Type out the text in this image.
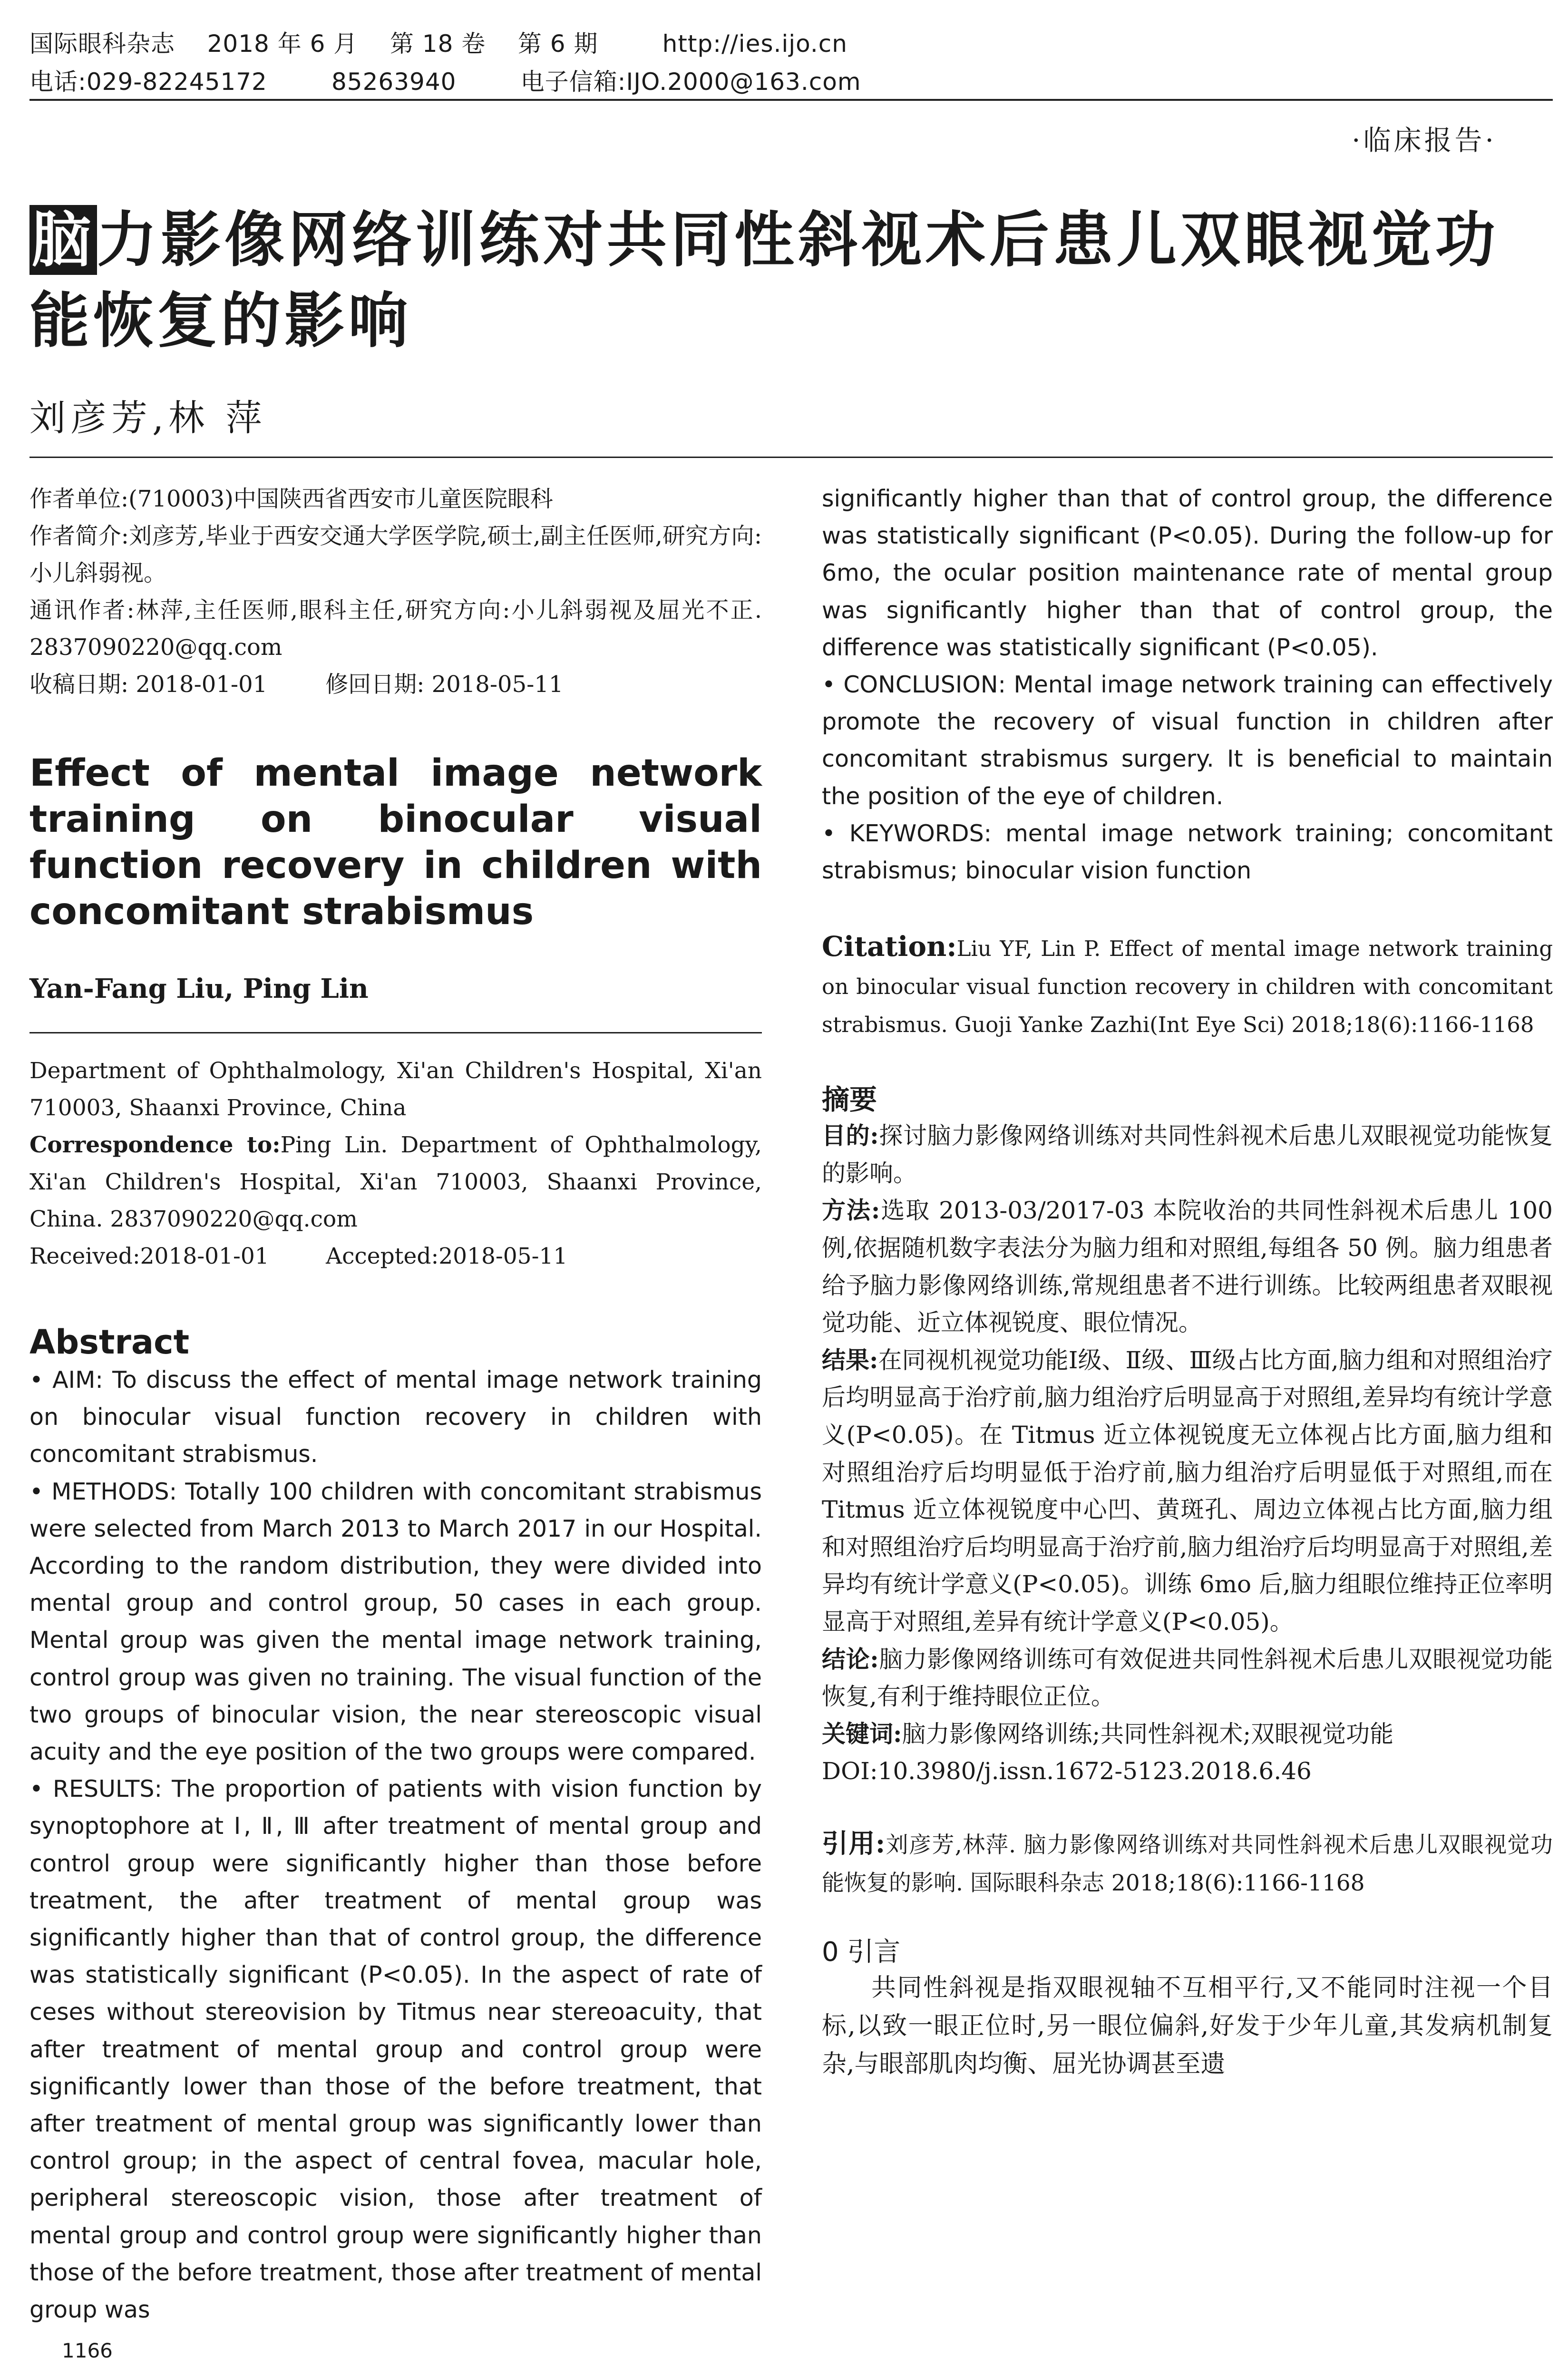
国际眼科杂志    2018 年 6 月    第 18 卷    第 6 期        http://ies.ijo.cn
电话:029-82245172        85263940        电子信箱:IJO.2000@163.com
·临床报告·
脑力影像网络训练对共同性斜视术后患儿双眼视觉功能恢复的影响
刘彦芳,林 萍

作者单位:(710003)中国陕西省西安市儿童医院眼科

作者简介:刘彦芳,毕业于西安交通大学医学院,硕士,副主任医师,研究方向:小儿斜弱视。

通讯作者:林萍,主任医师,眼科主任,研究方向:小儿斜弱视及屈光不正. 2837090220@qq.com

收稿日期: 2018-01-01        修回日期: 2018-05-11

Effect of mental image network training on binocular visual function recovery in children with concomitant strabismus
Yan-Fang Liu, Ping Lin

Department of Ophthalmology, Xi'an Children's Hospital, Xi'an 710003, Shaanxi Province, China

Correspondence to:Ping Lin. Department of Ophthalmology, Xi'an Children's Hospital, Xi'an 710003, Shaanxi Province, China. 2837090220@qq.com

Received:2018-01-01        Accepted:2018-05-11

Abstract

• AIM: To discuss the effect of mental image network training on binocular visual function recovery in children with concomitant strabismus.

• METHODS: Totally 100 children with concomitant strabismus were selected from March 2013 to March 2017 in our Hospital. According to the random distribution, they were divided into mental group and control group, 50 cases in each group. Mental group was given the mental image network training, control group was given no training. The visual function of the two groups of binocular vision, the near stereoscopic visual acuity and the eye position of the two groups were compared.

• RESULTS: The proportion of patients with vision function by synoptophore at Ⅰ, Ⅱ, Ⅲ after treatment of mental group and control group were significantly higher than those before treatment, the after treatment of mental group was significantly higher than that of control group, the difference was statistically significant (P<0.05). In the aspect of rate of ceses without stereovision by Titmus near stereoacuity, that after treatment of mental group and control group were significantly lower than those of the before treatment, that after treatment of mental group was significantly lower than control group; in the aspect of central fovea, macular hole, peripheral stereoscopic vision, those after treatment of mental group and control group were significantly higher than those of the before treatment, those after treatment of mental group was

significantly higher than that of control group, the difference was statistically significant (P<0.05). During the follow-up for 6mo, the ocular position maintenance rate of mental group was significantly higher than that of control group, the difference was statistically significant (P<0.05).

• CONCLUSION: Mental image network training can effectively promote the recovery of visual function in children after concomitant strabismus surgery. It is beneficial to maintain the position of the eye of children.

• KEYWORDS: mental image network training; concomitant strabismus; binocular vision function

Citation:Liu YF, Lin P. Effect of mental image network training on binocular visual function recovery in children with concomitant strabismus. Guoji Yanke Zazhi(Int Eye Sci) 2018;18(6):1166-1168
摘要

目的:探讨脑力影像网络训练对共同性斜视术后患儿双眼视觉功能恢复的影响。

方法:选取 2013-03/2017-03 本院收治的共同性斜视术后患儿 100 例,依据随机数字表法分为脑力组和对照组,每组各 50 例。脑力组患者给予脑力影像网络训练,常规组患者不进行训练。比较两组患者双眼视觉功能、近立体视锐度、眼位情况。

结果:在同视机视觉功能Ⅰ级、Ⅱ级、Ⅲ级占比方面,脑力组和对照组治疗后均明显高于治疗前,脑力组治疗后明显高于对照组,差异均有统计学意义(P<0.05)。在 Titmus 近立体视锐度无立体视占比方面,脑力组和对照组治疗后均明显低于治疗前,脑力组治疗后明显低于对照组,而在 Titmus 近立体视锐度中心凹、黄斑孔、周边立体视占比方面,脑力组和对照组治疗后均明显高于治疗前,脑力组治疗后均明显高于对照组,差异均有统计学意义(P<0.05)。训练 6mo 后,脑力组眼位维持正位率明显高于对照组,差异有统计学意义(P<0.05)。

结论:脑力影像网络训练可有效促进共同性斜视术后患儿双眼视觉功能恢复,有利于维持眼位正位。

关键词:脑力影像网络训练;共同性斜视术;双眼视觉功能

DOI:10.3980/j.issn.1672-5123.2018.6.46

引用:刘彦芳,林萍. 脑力影像网络训练对共同性斜视术后患儿双眼视觉功能恢复的影响. 国际眼科杂志 2018;18(6):1166-1168
0 引言

共同性斜视是指双眼视轴不互相平行,又不能同时注视一个目标,以致一眼正位时,另一眼位偏斜,好发于少年儿童,其发病机制复杂,与眼部肌肉均衡、屈光协调甚至遗

1166
